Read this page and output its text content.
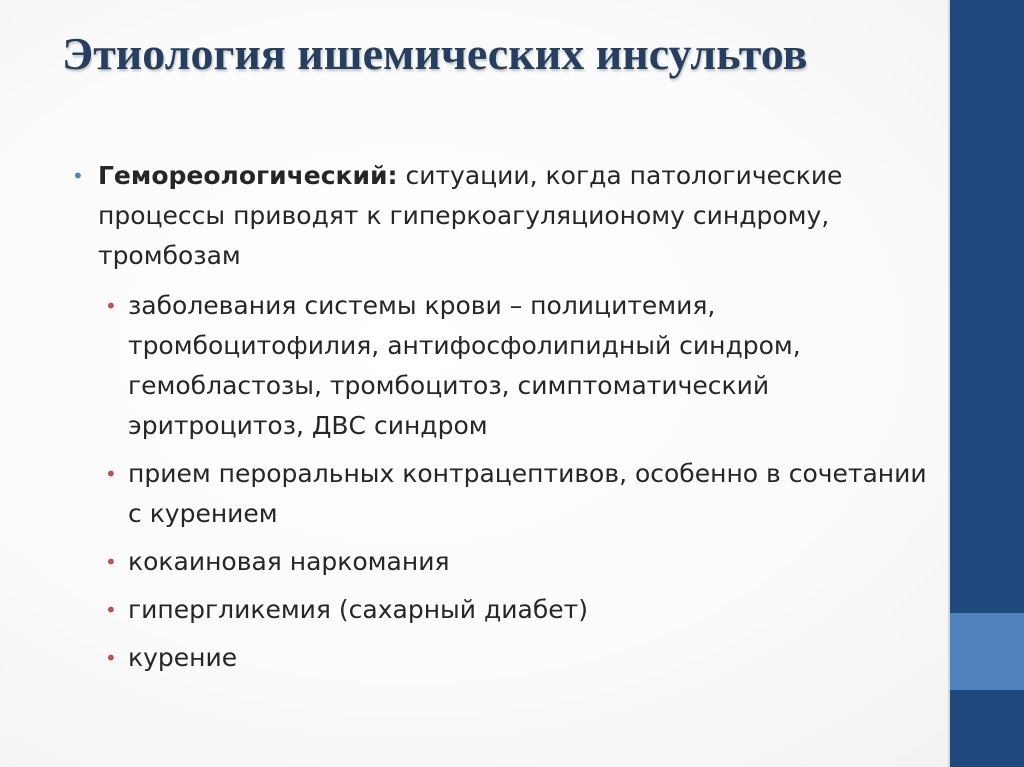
Этиология ишемических инсультов

• Гемореологический: ситуации, когда патологические процессы приводят к гиперкоагуляционому синдрому, тромбозам

• заболевания системы крови – полицитемия, тромбоцитофилия, антифосфолипидный синдром, гемобластозы, тромбоцитоз, симптоматический эритроцитоз, ДВС синдром
• прием пероральных контрацептивов, особенно в сочетании с курением
• кокаиновая наркомания
• гипергликемия (сахарный диабет)
• курение
